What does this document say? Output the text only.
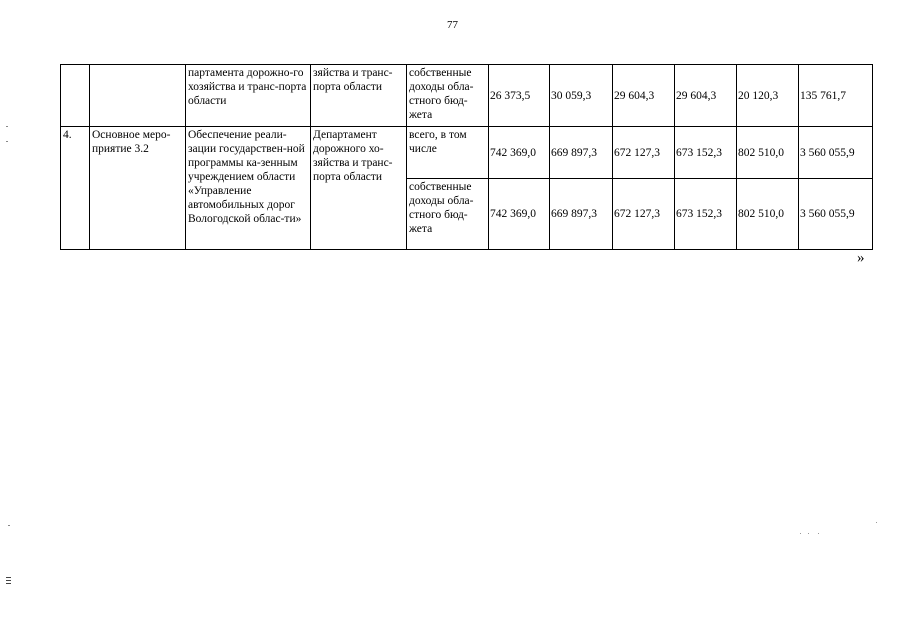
77
		партамента дорожно-го хозяйства и транс-порта области	зяйства и транс-порта области	собственные доходы обла-стного бюд-жета	26 373,5	30 059,3	29 604,3	29 604,3	20 120,3	135 761,7
4.	Основное меро-приятие 3.2	Обеспечение реали-зации государствен-ной программы ка-зенным учреждением области «Управление автомобильных дорог Вологодской облас-ти»	Департамент дорожного хо-зяйства и транс-порта области	всего, в том числе	742 369,0	669 897,3	672 127,3	673 152,3	802 510,0	3 560 055,9
				собственные доходы обла-стного бюд-жета	742 369,0	669 897,3	672 127,3	673 152,3	802 510,0	3 560 055,9
»
